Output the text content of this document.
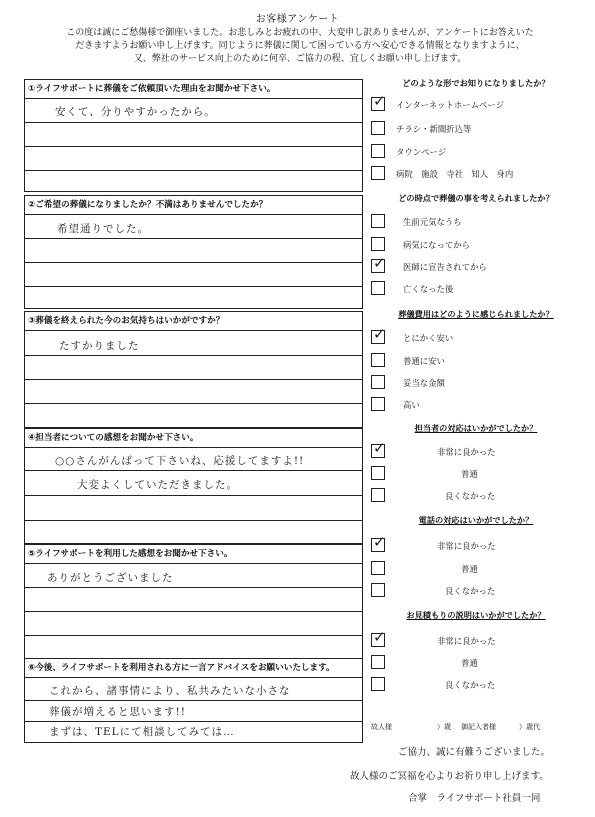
お客様アンケート
この度は誠にご愁傷様で御座いました。お悲しみとお疲れの中、大変申し訳ありませんが、アンケートにお答えいた
だきますようお願い申し上げます。同じように葬儀に関して困っている方へ安心できる情報となりますように、
又、弊社のサービス向上のために何卒、ご協力の程、宜しくお願い申し上げます。
①ライフサポートに葬儀をご依頼頂いた理由をお聞かせ下さい。
安くて、分りやすかったから。
②ご希望の葬儀になりましたか？不満はありませんでしたか？
希望通りでした。
③葬儀を終えられた今のお気持ちはいかがですか？
たすかりました
④担当者についての感想をお聞かせ下さい。
○○さんがんばって下さいね、応援してますよ!!
大変よくしていただきました。
⑤ライフサポートを利用した感想をお聞かせ下さい。
ありがとうございました
⑥今後、ライフサポートを利用される方に一言アドバイスをお願いいたします。
これから、諸事情により、私共みたいな小さな
葬儀が増えると思います!!
まずは、TELにて相談してみては…
どのような形でお知りになりましたか？
✓ インターネットホームページ
チラシ・新聞折込等
タウンページ
病院　施設　寺社　知人　身内
どの時点で葬儀の事を考えられましたか？
生前元気なうち
病気になってから
✓ 医師に宣告されてから
亡くなった後
葬儀費用はどのように感じられましたか？
✓ とにかく安い
普通に安い
妥当な金額
高い
担当者の対応はいかがでしたか？
✓	非常に良かった
普通
良くなかった
電話の対応はいかがでしたか？
✓	非常に良かった
普通
良くなかった
お見積もりの説明はいかがでしたか？
✓	非常に良かった
普通
良くなかった
故人様	）歳 御記入者様	）歳代
ご協力、誠に有難うございました。
故人様のご冥福を心よりお祈り申し上げます。
合掌　ライフサポート社員一同
